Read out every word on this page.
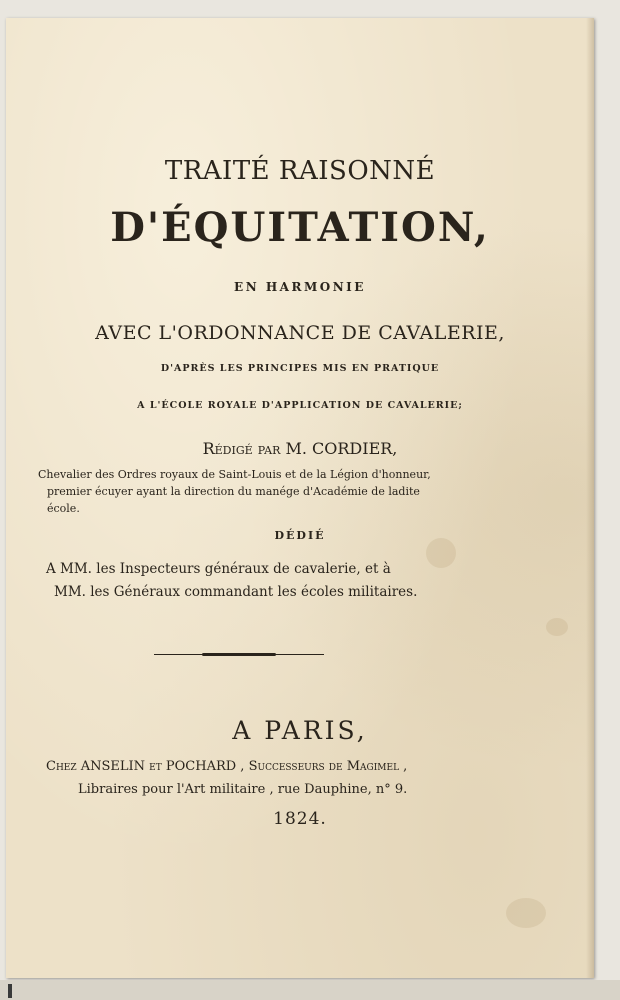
TRAITÉ RAISONNÉ
D'ÉQUITATION,
EN HARMONIE
AVEC L'ORDONNANCE DE CAVALERIE,
D'APRÈS LES PRINCIPES MIS EN PRATIQUE
A L'ÉCOLE ROYALE D'APPLICATION DE CAVALERIE;
Rédigé par M. CORDIER,
Chevalier des Ordres royaux de Saint-Louis et de la Légion d'honneur,
premier écuyer ayant la direction du manége d'Académie de ladite
école.
DÉDIÉ
A MM. les Inspecteurs généraux de cavalerie, et à
MM. les Généraux commandant les écoles militaires.
A PARIS,
Chez ANSELIN et POCHARD , Successeurs de Magimel ,
Libraires pour l'Art militaire , rue Dauphine, n° 9.
1824.
